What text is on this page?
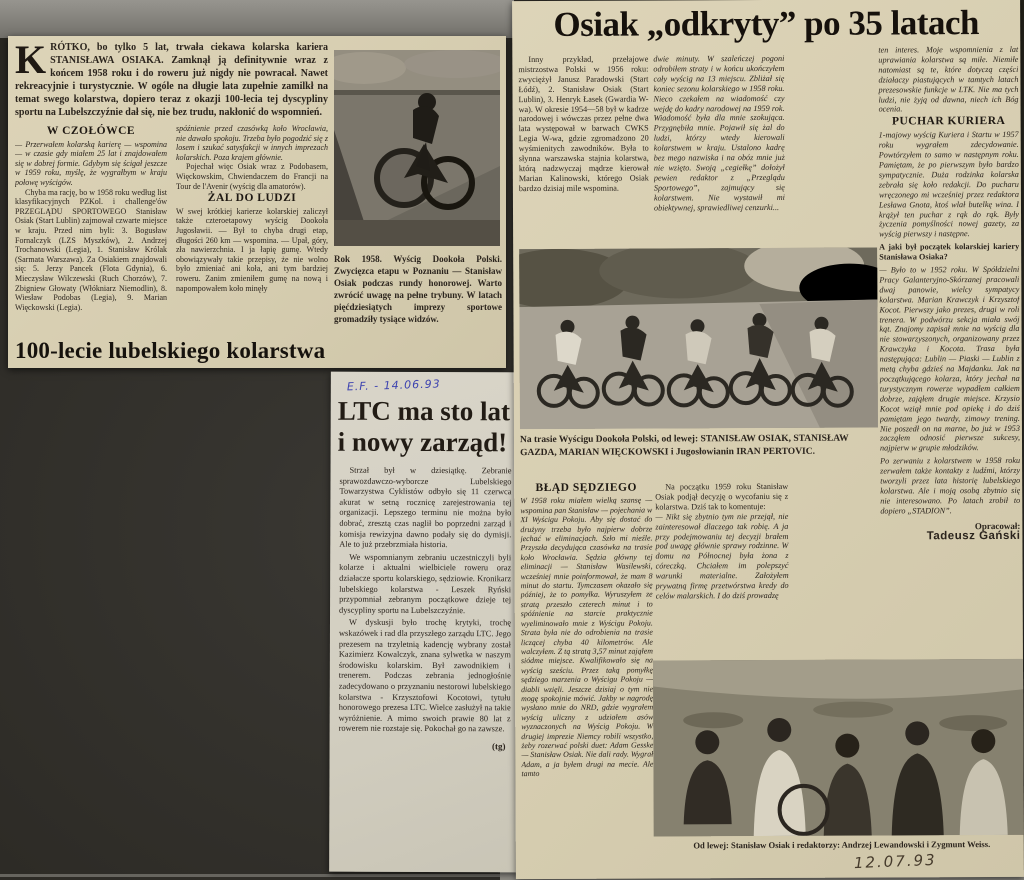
KRÓTKO, bo tylko 5 lat, trwała ciekawa kolarska kariera STANISŁAWA OSIAKA. Zamknął ją definitywnie wraz z końcem 1958 roku i do roweru już nigdy nie powracał. Nawet rekreacyjnie i turystycznie. W ogóle na długie lata zupełnie zamilkł na temat swego kolarstwa, dopiero teraz z okazji 100-lecia tej dyscypliny sportu na Lubelszczyźnie dał się, nie bez trudu, nakłonić do wspomnień.

W CZOŁÓWCE

— Przerwałem kolarską karierę — wspomina — w czasie gdy miałem 25 lat i znajdowałem się w dobrej formie. Gdybym się ścigał jeszcze w 1959 roku, myślę, że wygrałbym w kraju połowę wyścigów.

Chyba ma rację, bo w 1958 roku według list klasyfikacyjnych PZKol. i challenge'ów PRZEGLĄDU SPORTOWEGO Stanisław Osiak (Start Lublin) zajmował czwarte miejsce w kraju. Przed nim byli: 3. Bogusław Fornalczyk (LZS Myszków), 2. Andrzej Trochanowski (Legia), 1. Stanisław Królak (Sarmata Warszawa). Za Osiakiem znajdowali się: 5. Jerzy Pancek (Flota Gdynia), 6. Mieczysław Wilczewski (Ruch Chorzów), 7. Zbigniew Głowaty (Włókniarz Niemodlin), 8. Wiesław Podobas (Legia), 9. Marian Więckowski (Legia).

spóźnienie przed czasówką koło Wrocławia, nie dawało spokoju. Trzeba było pogodzić się z losem i szukać satysfakcji w innych imprezach kolarskich. Poza krajem głównie.

Pojechał więc Osiak wraz z Podobasem, Więckowskim, Chwiendaczem do Francji na Tour de l'Avenir (wyścig dla amatorów).

ŻAL DO LUDZI

W swej krótkiej karierze kolarskiej zaliczył także czteroetapowy wyścig Dookoła Jugosławii. — Był to chyba drugi etap, długości 260 km — wspomina. — Upał, góry, zła nawierzchnia. I ja łapię gumę. Wtedy obowiązywały takie przepisy, że nie wolno było zmieniać ani koła, ani tym bardziej roweru. Zanim zmieniłem gumę na nową i napompowałem koło minęły

100-lecie lubelskiego kolarstwa

Rok 1958. Wyścig Dookoła Polski. Zwycięzca etapu w Poznaniu — Stanisław Osiak podczas rundy honorowej. Warto zwrócić uwagę na pełne trybuny. W latach pięćdziesiątych imprezy sportowe gromadziły tysiące widzów.

E.F. - 14.06.93
LTC ma sto lat
i nowy zarząd!

Strzał był w dziesiątkę. Zebranie sprawozdawczo-wyborcze Lubelskiego Towarzystwa Cyklistów odbyło się 11 czerwca akurat w setną rocznicę zarejestrowania tej organizacji. Lepszego terminu nie można było dobrać, zresztą czas naglił bo poprzedni zarząd i komisja rewizyjna dawno podały się do dymisji. Ale to już przebrzmiała historia.

We wspomnianym zebraniu uczestniczyli byli kolarze i aktualni wielbiciele roweru oraz działacze sportu kolarskiego, sędziowie. Kronikarz lubelskiego kolarstwa - Leszek Ryński przypomniał zebranym początkowe dzieje tej dyscypliny sportu na Lubelszczyźnie.

W dyskusji było trochę krytyki, trochę wskazówek i rad dla przyszłego zarządu LTC. Jego prezesem na trzyletnią kadencję wybrany został Kazimierz Kowalczyk, znana sylwetka w naszym środowisku kolarskim. Był zawodnikiem i trenerem. Podczas zebrania jednogłośnie zadecydowano o przyznaniu nestorowi lubelskiego kolarstwa - Krzysztofowi Kocotowi, tytułu honorowego prezesa LTC. Wielce zasłużył na takie wyróżnienie. A mimo swoich prawie 80 lat z rowerem nie rozstaje się. Pokochał go na zawsze.

(tg)
Osiak „odkryty” po 35 latach

Inny przykład, przełajowe mistrzostwa Polski w 1956 roku: zwyciężył Janusz Paradowski (Start Łódź), 2. Stanisław Osiak (Start Lublin), 3. Henryk Łasek (Gwardia W-wa). W okresie 1954—58 był w kadrze narodowej i wówczas przez pełne dwa lata występował w barwach CWKS Legia W-wa, gdzie zgromadzono 20 wyśmienitych zawodników. Była to słynna warszawska stajnia kolarstwa, którą nadzwyczaj mądrze kierował Marian Kalinowski, którego Osiak bardzo dzisiaj mile wspomina.

dwie minuty. W szaleńczej pogoni odrobiłem straty i w końcu ukończyłem cały wyścig na 13 miejscu. Zbliżał się koniec sezonu kolarskiego w 1958 roku. Nieco czekałem na wiadomość czy wejdę do kadry narodowej na 1959 rok. Wiadomość była dla mnie szokująca. Przygnębiła mnie. Pojawił się żal do ludzi, którzy wtedy kierowali kolarstwem w kraju. Ustalono kadrę bez mego nazwiska i na obóz mnie już nie wzięto. Swoją „cegiełkę” dołożył pewien redaktor z „Przeglądu Sportowego”, zajmujący się kolarstwem. Nie wystawił mi obiektywnej, sprawiedliwej cenzurki...

Na trasie Wyścigu Dookoła Polski, od lewej: STANISŁAW OSIAK, STANISŁAW GAZDA, MARIAN WIĘCKOWSKI i Jugosłowianin IRAN PERTOVIC.

BŁĄD SĘDZIEGO

W 1958 roku miałem wielką szansę — wspomina pan Stanisław — pojechania w XI Wyścigu Pokoju. Aby się dostać do drużyny trzeba było najpierw dobrze jechać w eliminacjach. Szło mi nieźle. Przyszła decydująca czasówka na trasie koło Wrocławia. Sędzia główny tej eliminacji — Stanisław Wasilewski, wcześniej mnie poinformował, że mam 8 minut do startu. Tymczasem okazało się później, że to pomyłka. Wyruszyłem ze stratą przeszło czterech minut i to spóźnienie na starcie praktycznie wyeliminowało mnie z Wyścigu Pokoju. Strata była nie do odrobienia na trasie liczącej chyba 40 kilometrów. Ale walczyłem. Z tą stratą 3,57 minut zająłem siódme miejsce. Kwalifikowało się na wyścig sześciu. Przez taką pomyłkę sędziego marzenia o Wyścigu Pokoju — diabli wzięli. Jeszcze dzisiaj o tym nie mogę spokojnie mówić. Jakby w nagrodę wysłano mnie do NRD, gdzie wygrałem wyścig uliczny z udziałem asów wyznaczonych na Wyścig Pokoju. W drugiej imprezie Niemcy robili wszystko, żeby rozerwać polski duet: Adam Gesske — Stanisław Osiak. Nie dali rady. Wygrał Adam, a ja byłem drugi na mecie. Ale tamto

Na początku 1959 roku Stanisław Osiak podjął decyzję o wycofaniu się z kolarstwa. Dziś tak to komentuje:

— Nikt się zbytnio tym nie przejął, nie zainteresował dlaczego tak robię. A ja przy podejmowaniu tej decyzji brałem pod uwagę głównie sprawy rodzinne. W domu na Północnej była żona z córeczką. Chciałem im polepszyć warunki materialne. Założyłem prywatną firmę przetwórstwa kredy do celów malarskich. I do dziś prowadzę

ten interes. Moje wspomnienia z lat uprawiania kolarstwa są miłe. Niemiłe natomiast są te, które dotyczą części działaczy piastujących w tamtych latach prezesowskie funkcje w LTK. Nie ma tych ludzi, nie żyją od dawna, niech ich Bóg ocenia.

PUCHAR KURIERA

1-majowy wyścig Kuriera i Startu w 1957 roku wygrałem zdecydowanie. Powtórzyłem to samo w następnym roku. Pamiętam, że po pierwszym było bardzo sympatycznie. Duża rodzinka kolarska zebrała się koło redakcji. Do pucharu wręczonego mi wcześniej przez redaktora Lesława Gnota, ktoś wlał butelkę wina. I krążył ten puchar z rąk do rąk. Były życzenia pomyślności nowej gazety, za wyścig pierwszy i następne.

A jaki był początek kolarskiej kariery Stanisława Osiaka?

— Było to w 1952 roku. W Spółdzielni Pracy Galanteryjno-Skórzanej pracowali dwaj panowie, wielcy sympatycy kolarstwa. Marian Krawczyk i Krzysztof Kocot. Pierwszy jako prezes, drugi w roli trenera. W podwórzu sekcja miała swój kąt. Znajomy zapisał mnie na wyścig dla nie stowarzyszonych, organizowany przez Krawczyka i Kocota. Trasa była następująca: Lublin — Piaski — Lublin z metą chyba gdzieś na Majdanku. Jak na początkującego kolarza, który jechał na turystycznym rowerze wypadłem całkiem dobrze, zająłem drugie miejsce. Krzysio Kocot wziął mnie pod opiekę i do dziś pamiętam jego twardy, zimowy trening. Nie poszedł on na marne, bo już w 1953 zacząłem odnosić pierwsze sukcesy, najpierw w grupie młodzików.

Po zerwaniu z kolarstwem w 1958 roku zerwałem także kontakty z ludźmi, którzy tworzyli przez lata historię lubelskiego kolarstwa. Ale i moją osobą zbytnio się nie interesowano. Po latach zrobił to dopiero „STADION”.

Opracował:
Tadeusz Gański

Od lewej: Stanisław Osiak i redaktorzy: Andrzej Lewandowski i Zygmunt Weiss.

12.07.93
